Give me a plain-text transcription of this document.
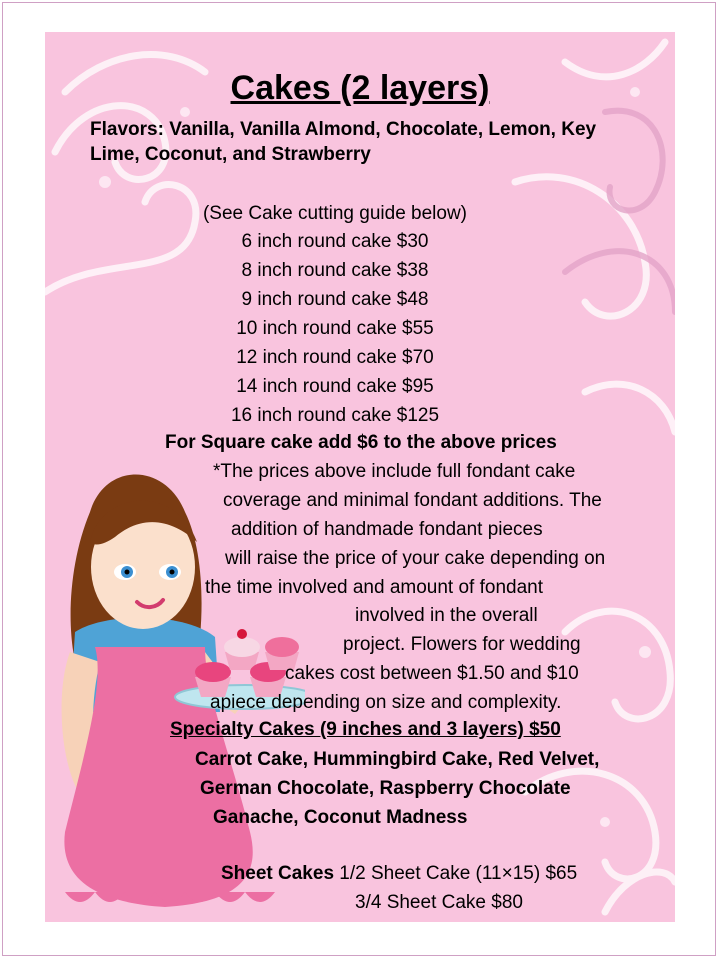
Cakes (2 layers)
Flavors: Vanilla, Vanilla Almond, Chocolate, Lemon, Key
Lime, Coconut, and Strawberry
(See Cake cutting guide below)
6 inch round cake $30
8 inch round cake $38
9 inch round cake $48
10 inch round cake $55
12 inch round cake $70
14 inch round cake $95
16 inch round cake $125
For Square cake add $6 to the above prices
*The prices above include full fondant cake
coverage and minimal fondant additions. The
addition of handmade fondant pieces
will raise the price of your cake depending on
the time involved and amount of fondant
involved in the overall
project. Flowers for wedding
cakes cost between $1.50 and $10
apiece depending on size and complexity.
Specialty Cakes (9 inches and 3 layers) $50
Carrot Cake, Hummingbird Cake, Red Velvet,
German Chocolate, Raspberry Chocolate
Ganache, Coconut Madness
Sheet Cakes 1/2 Sheet Cake (11×15) $65
3/4 Sheet Cake $80
